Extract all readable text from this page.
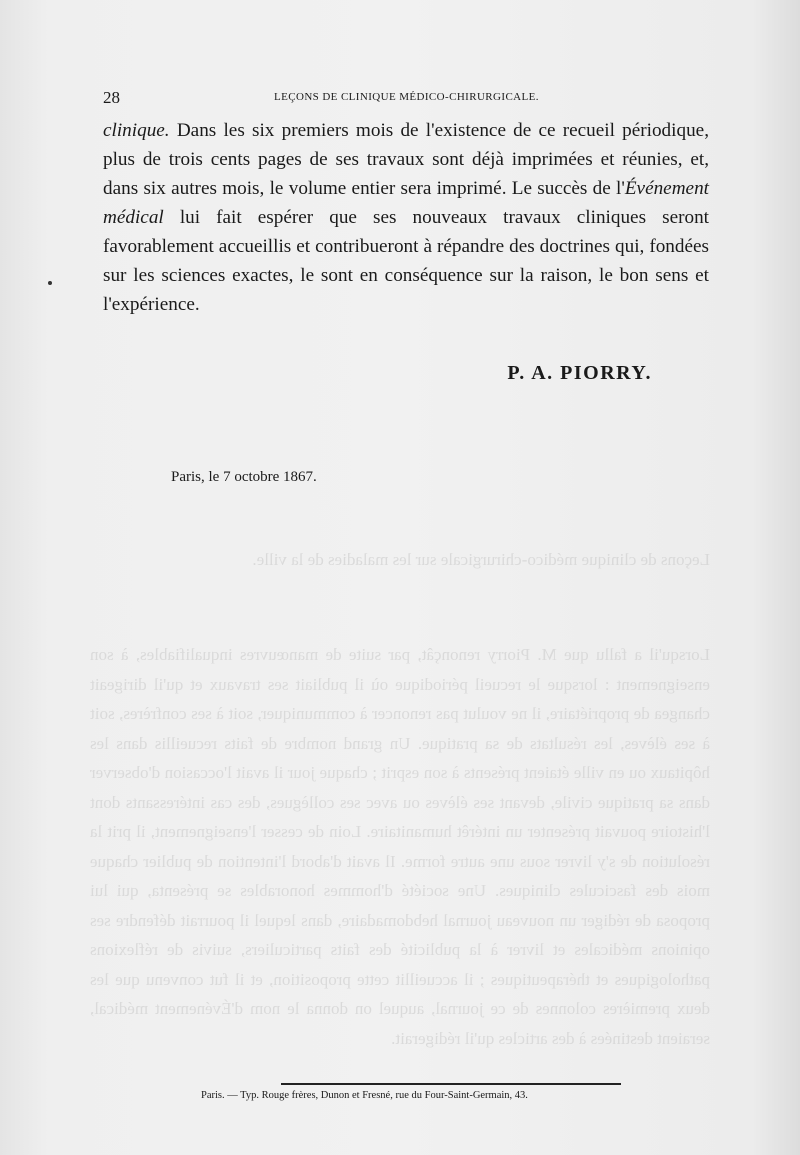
Leçons de clinique médico-chirurgicale sur les maladies de la ville.
Lorsqu'il a fallu que M. Piorry renonçât, par suite de manœuvres inqualifiables, à son enseignement : lorsque le recueil périodique où il publiait ses travaux et qu'il dirigeait changea de propriétaire, il ne voulut pas renoncer à communiquer, soit à ses confrères, soit à ses élèves, les résultats de sa pratique. Un grand nombre de faits recueillis dans les hôpitaux ou en ville étaient présents à son esprit ; chaque jour il avait l'occasion d'observer dans sa pratique civile, devant ses élèves ou avec ses collègues, des cas intéressants dont l'histoire pouvait présenter un intérêt humanitaire. Loin de cesser l'enseignement, il prit la résolution de s'y livrer sous une autre forme. Il avait d'abord l'intention de publier chaque mois des fascicules cliniques. Une société d'hommes honorables se présenta, qui lui proposa de rédiger un nouveau journal hebdomadaire, dans lequel il pourrait défendre ses opinions médicales et livrer à la publicité des faits particuliers, suivis de réflexions pathologiques et thérapeutiques ; il accueillit cette proposition, et il fut convenu que les deux premières colonnes de ce journal, auquel on donna le nom d'Événement médical, seraient destinées à des articles qu'il rédigerait.
28	LEÇONS DE CLINIQUE MÉDICO-CHIRURGICALE.

clinique. Dans les six premiers mois de l'existence de ce recueil périodique, plus de trois cents pages de ses travaux sont déjà imprimées et réunies, et, dans six autres mois, le volume entier sera imprimé. Le succès de l'Événement médical lui fait espérer que ses nouveaux travaux cliniques seront favorablement accueillis et contribueront à répandre des doctrines qui, fondées sur les sciences exactes, le sont en conséquence sur la raison, le bon sens et l'expérience.

P. A. PIORRY.
Paris, le 7 octobre 1867.
Paris. — Typ. Rouge frères, Dunon et Fresné, rue du Four-Saint-Germain, 43.
